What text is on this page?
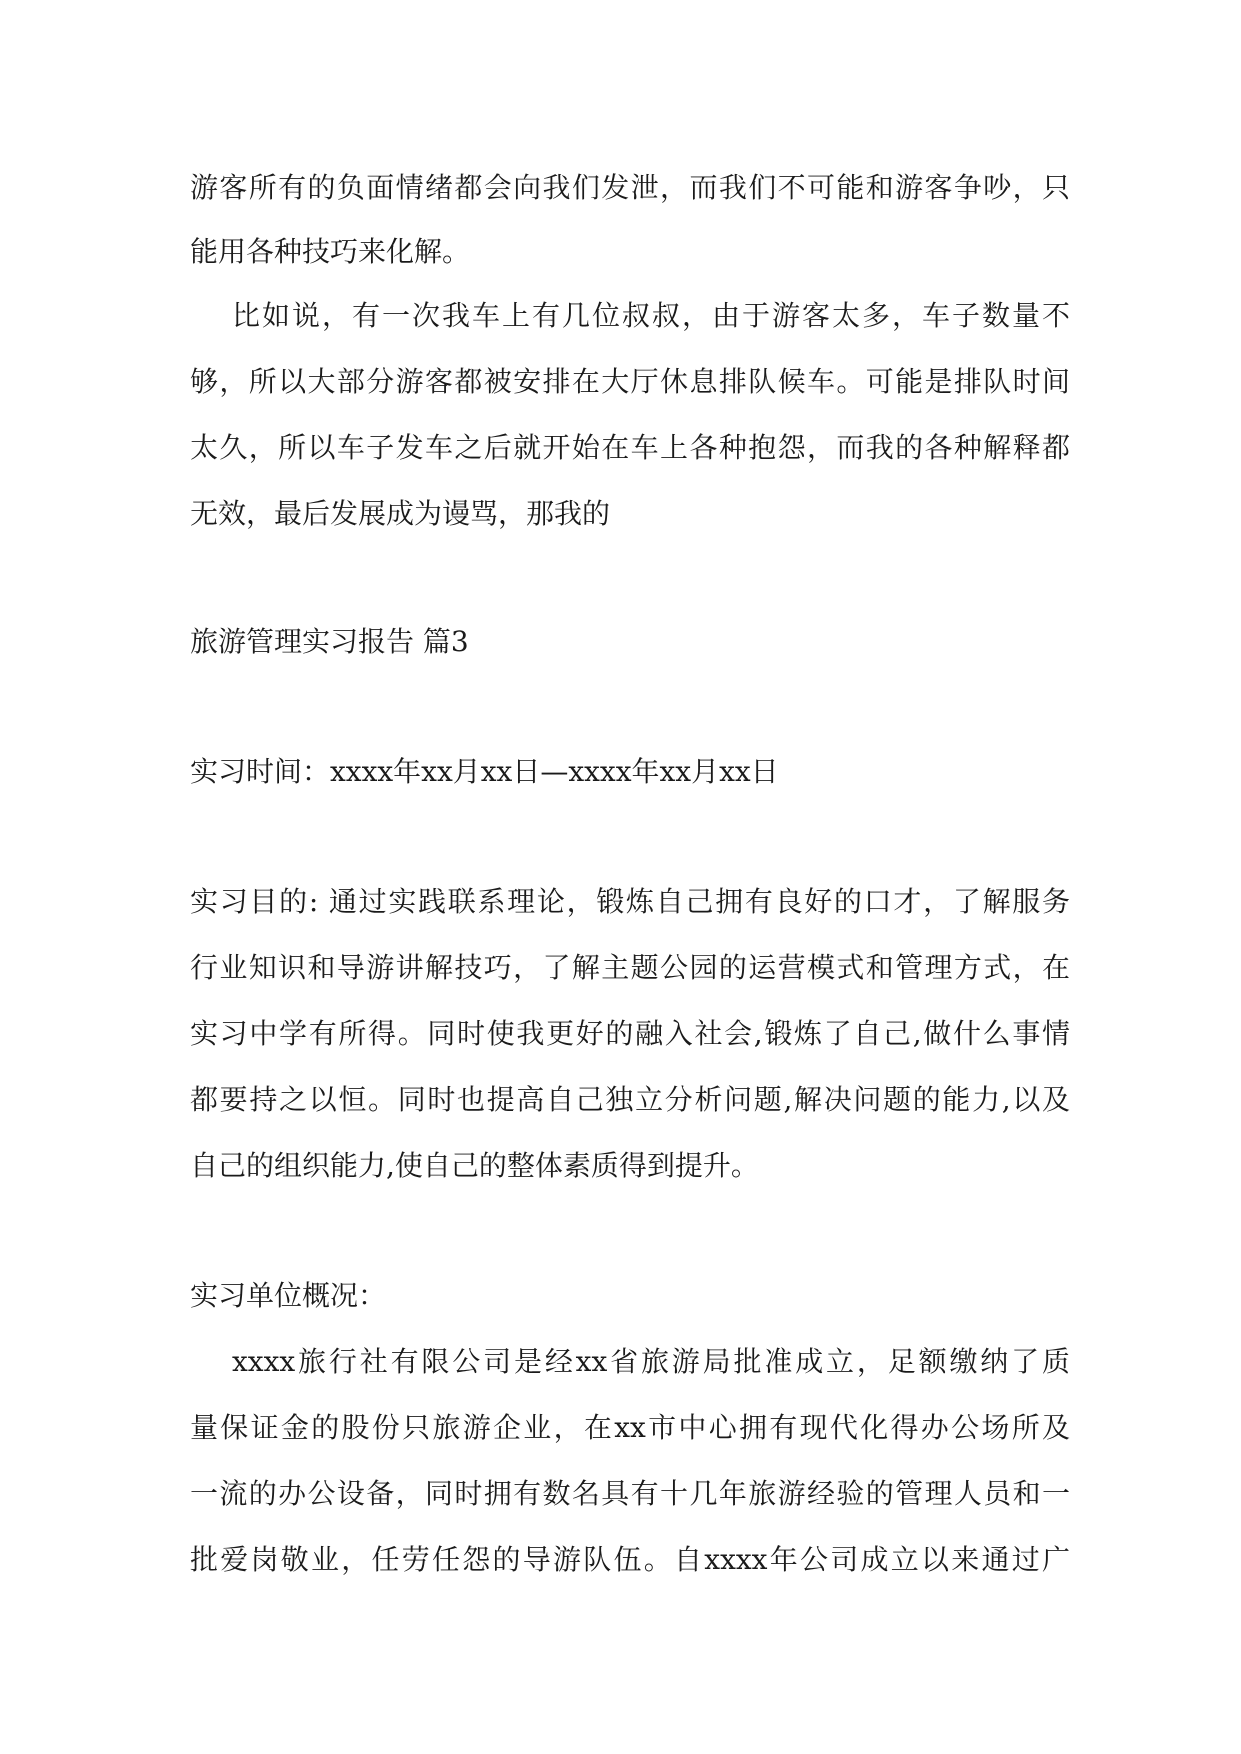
游客所有的负面情绪都会向我们发泄，而我们不可能和游客争吵，只
能用各种技巧来化解。
比如说，有一次我车上有几位叔叔，由于游客太多，车子数量不
够，所以大部分游客都被安排在大厅休息排队候车。可能是排队时间
太久，所以车子发车之后就开始在车上各种抱怨，而我的各种解释都
无效，最后发展成为谩骂，那我的
旅游管理实习报告 篇3
实习时间：xxxx年xx月xx日—xxxx年xx月xx日
实习目的: 通过实践联系理论，锻炼自己拥有良好的口才，了解服务
行业知识和导游讲解技巧，了解主题公园的运营模式和管理方式，在
实习中学有所得。同时使我更好的融入社会,锻炼了自己,做什么事情
都要持之以恒。同时也提高自己独立分析问题,解决问题的能力,以及
自己的组织能力,使自己的整体素质得到提升。
实习单位概况：
xxxx旅行社有限公司是经xx省旅游局批准成立，足额缴纳了质
量保证金的股份只旅游企业，在xx市中心拥有现代化得办公场所及
一流的办公设备，同时拥有数名具有十几年旅游经验的管理人员和一
批爱岗敬业，任劳任怨的导游队伍。自xxxx年公司成立以来通过广
